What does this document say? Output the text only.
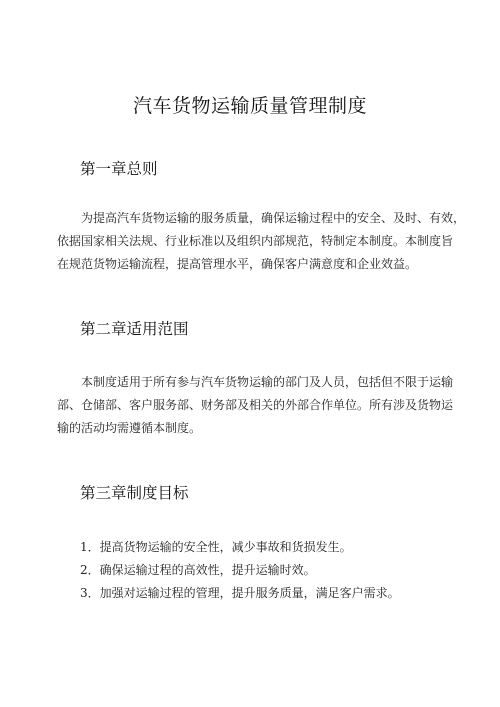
汽车货物运输质量管理制度
第一章总则
　　为提高汽车货物运输的服务质量，确保运输过程中的安全、及时、有效，
依据国家相关法规、行业标准以及组织内部规范，特制定本制度。本制度旨
在规范货物运输流程，提高管理水平，确保客户满意度和企业效益。
第二章适用范围
　　本制度适用于所有参与汽车货物运输的部门及人员，包括但不限于运输
部、仓储部、客户服务部、财务部及相关的外部合作单位。所有涉及货物运
输的活动均需遵循本制度。
第三章制度目标
1．提高货物运输的安全性，减少事故和货损发生。
2．确保运输过程的高效性，提升运输时效。
3．加强对运输过程的管理，提升服务质量，满足客户需求。
